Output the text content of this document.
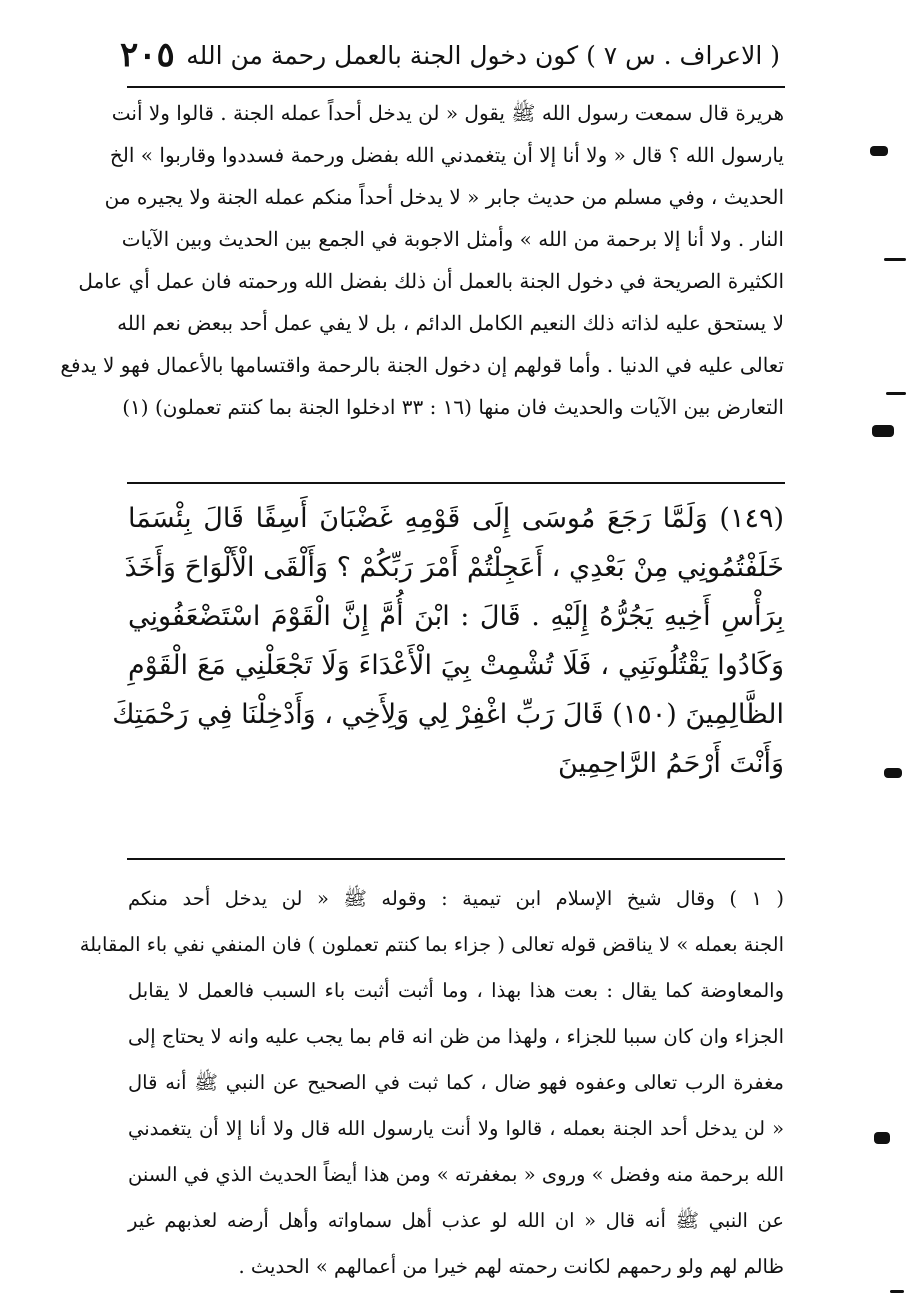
( الاعراف . س ٧ ) كون دخول الجنة بالعمل رحمة من الله
٢٠٥
هريرة قال سمعت رسول الله ﷺ يقول « لن يدخل أحداً عمله الجنة . قالوا ولا أنت
يارسول الله ؟ قال « ولا أنا إلا أن يتغمدني الله بفضل ورحمة فسددوا وقاربوا » الخ
الحديث ، وفي مسلم من حديث جابر « لا يدخل أحداً منكم عمله الجنة ولا يجيره من
النار . ولا أنا إلا برحمة من الله » وأمثل الاجوبة في الجمع بين الحديث وبين الآيات
الكثيرة الصريحة في دخول الجنة بالعمل أن ذلك بفضل الله ورحمته فان عمل أي عامل
لا يستحق عليه لذاته ذلك النعيم الكامل الدائم ، بل لا يفي عمل أحد ببعض نعم الله
تعالى عليه في الدنيا . وأما قولهم إن دخول الجنة بالرحمة واقتسامها بالأعمال فهو لا يدفع
التعارض بين الآيات والحديث فان منها (١٦ : ٣٣ ادخلوا الجنة بما كنتم تعملون) (١)
(١٤٩) وَلَمَّا رَجَعَ مُوسَى إِلَى قَوْمِهِ غَضْبَانَ أَسِفًا قَالَ بِئْسَمَا
خَلَفْتُمُونِي مِنْ بَعْدِي ، أَعَجِلْتُمْ أَمْرَ رَبِّكُمْ ؟ وَأَلْقَى الْأَلْوَاحَ وَأَخَذَ
بِرَأْسِ أَخِيهِ يَجُرُّهُ إِلَيْهِ . قَالَ : ابْنَ أُمَّ إِنَّ الْقَوْمَ اسْتَضْعَفُونِي
وَكَادُوا يَقْتُلُونَنِي ، فَلَا تُشْمِتْ بِيَ الْأَعْدَاءَ وَلَا تَجْعَلْنِي مَعَ الْقَوْمِ
الظَّالِمِينَ (١٥٠) قَالَ رَبِّ اغْفِرْ لِي وَلِأَخِي ، وَأَدْخِلْنَا فِي رَحْمَتِكَ
وَأَنْتَ أَرْحَمُ الرَّاحِمِينَ
( ١ ) وقال شيخ الإسلام ابن تيمية : وقوله ﷺ « لن يدخل أحد منكم
الجنة بعمله » لا يناقض قوله تعالى ( جزاء بما كنتم تعملون ) فان المنفي نفي باء المقابلة
والمعاوضة كما يقال : بعت هذا بهذا ، وما أثبت أثبت باء السبب فالعمل لا يقابل
الجزاء وان كان سببا للجزاء ، ولهذا من ظن انه قام بما يجب عليه وانه لا يحتاج إلى
مغفرة الرب تعالى وعفوه فهو ضال ، كما ثبت في الصحيح عن النبي ﷺ أنه قال
« لن يدخل أحد الجنة بعمله ، قالوا ولا أنت يارسول الله قال ولا أنا إلا أن يتغمدني
الله برحمة منه وفضل » وروى « بمغفرته » ومن هذا أيضاً الحديث الذي في السنن
عن النبي ﷺ أنه قال « ان الله لو عذب أهل سماواته وأهل أرضه لعذبهم غير
ظالم لهم ولو رحمهم لكانت رحمته لهم خيرا من أعمالهم » الحديث .
